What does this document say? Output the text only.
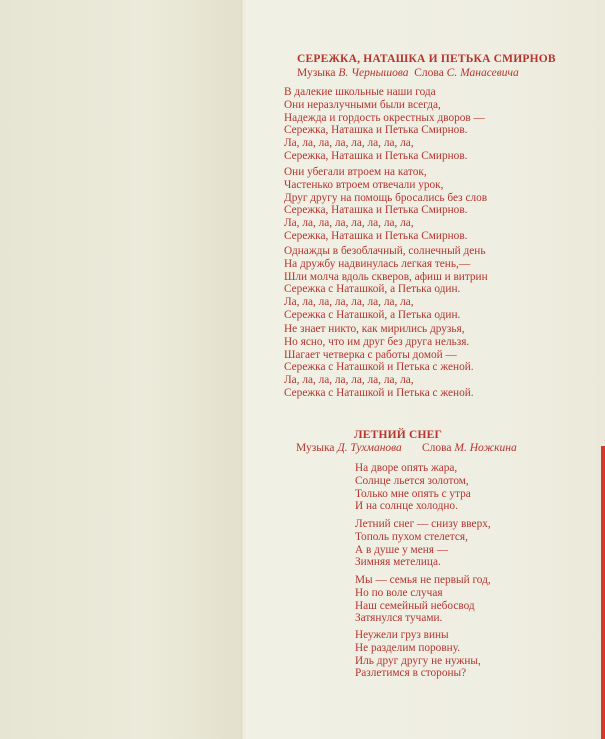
СЕРЕЖКА, НАТАШКА И ПЕТЬКА СМИРНОВ
Музыка В. Чернышова Слова С. Манасевича
В далекие школьные наши года
Они неразлучными были всегда,
Надежда и гордость окрестных дворов —
Сережка, Наташка и Петька Смирнов.
Ла, ла, ла, ла, ла, ла, ла, ла,
Сережка, Наташка и Петька Смирнов.
Они убегали втроем на каток,
Частенько втроем отвечали урок,
Друг другу на помощь бросались без слов
Сережка, Наташка и Петька Смирнов.
Ла, ла, ла, ла, ла, ла, ла, ла,
Сережка, Наташка и Петька Смирнов.
Однажды в безоблачный, солнечный день
На дружбу надвинулась легкая тень,—
Шли молча вдоль скверов, афиш и витрин
Сережка с Наташкой, а Петька один.
Ла, ла, ла, ла, ла, ла, ла, ла,
Сережка с Наташкой, а Петька один.
Не знает никто, как мирились друзья,
Но ясно, что им друг без друга нельзя.
Шагает четверка с работы домой —
Сережка с Наташкой и Петька с женой.
Ла, ла, ла, ла, ла, ла, ла, ла,
Сережка с Наташкой и Петька с женой.
ЛЕТНИЙ СНЕГ
Музыка Д. Тухманова Слова М. Ножкина
На дворе опять жара,
Солнце льется золотом,
Только мне опять с утра
И на солнце холодно.
Летний снег — снизу вверх,
Тополь пухом стелется,
А в душе у меня —
Зимняя метелица.
Мы — семья не первый год,
Но по воле случая
Наш семейный небосвод
Затянулся тучами.
Неужели груз вины
Не разделим поровну.
Иль друг другу не нужны,
Разлетимся в стороны?
